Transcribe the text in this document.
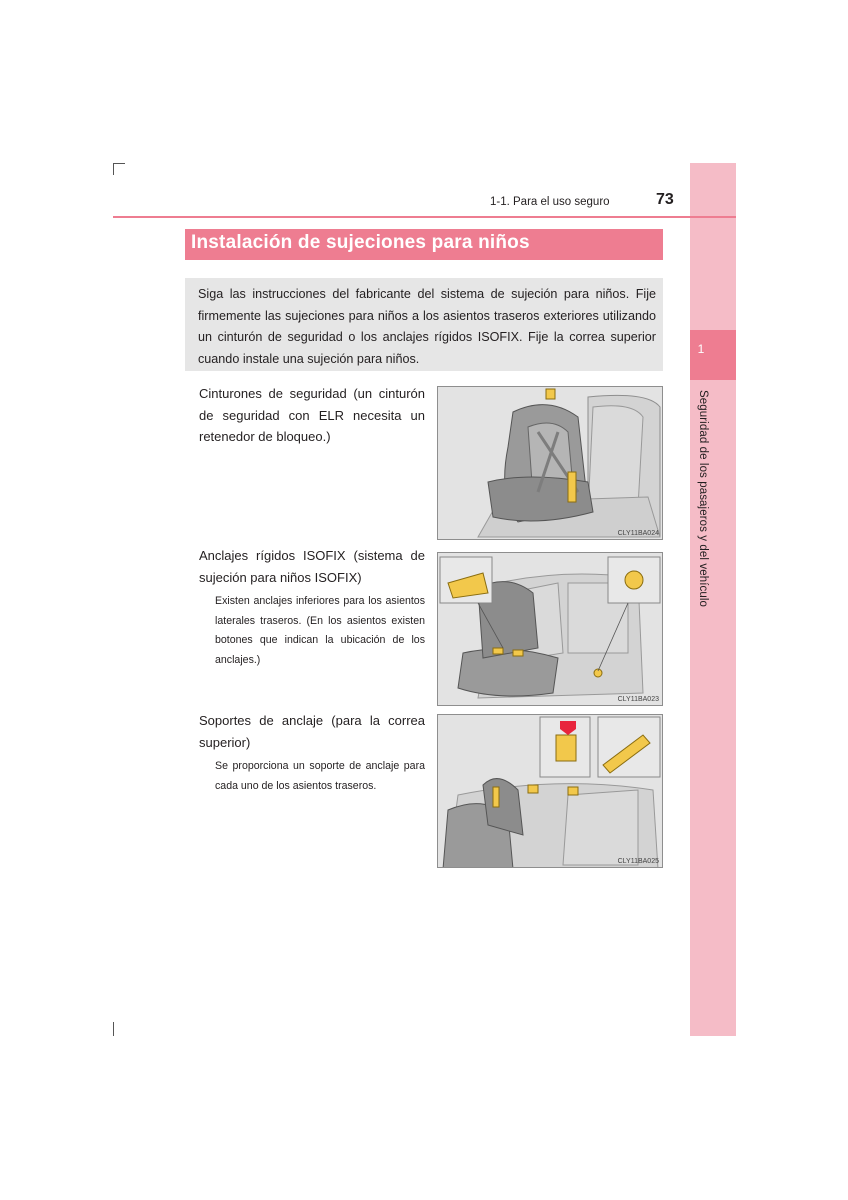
1
Seguridad de los pasajeros y del vehículo
1-1. Para el uso seguro	73
Instalación de sujeciones para niños
Siga las instrucciones del fabricante del sistema de sujeción para niños. Fije firmemente las sujeciones para niños a los asientos traseros exteriores utilizando un cinturón de seguridad o los anclajes rígidos ISOFIX. Fije la correa superior cuando instale una sujeción para niños.
Cinturones de seguridad (un cinturón de seguridad con ELR necesita un retenedor de bloqueo.)
CLY11BA024
Anclajes rígidos ISOFIX (sistema de sujeción para niños ISOFIX)
Existen anclajes inferiores para los asientos laterales traseros. (En los asientos existen botones que indican la ubicación de los anclajes.)
CLY11BA023
Soportes de anclaje (para la correa superior)
Se proporciona un soporte de anclaje para cada uno de los asientos traseros.
CLY11BA025
